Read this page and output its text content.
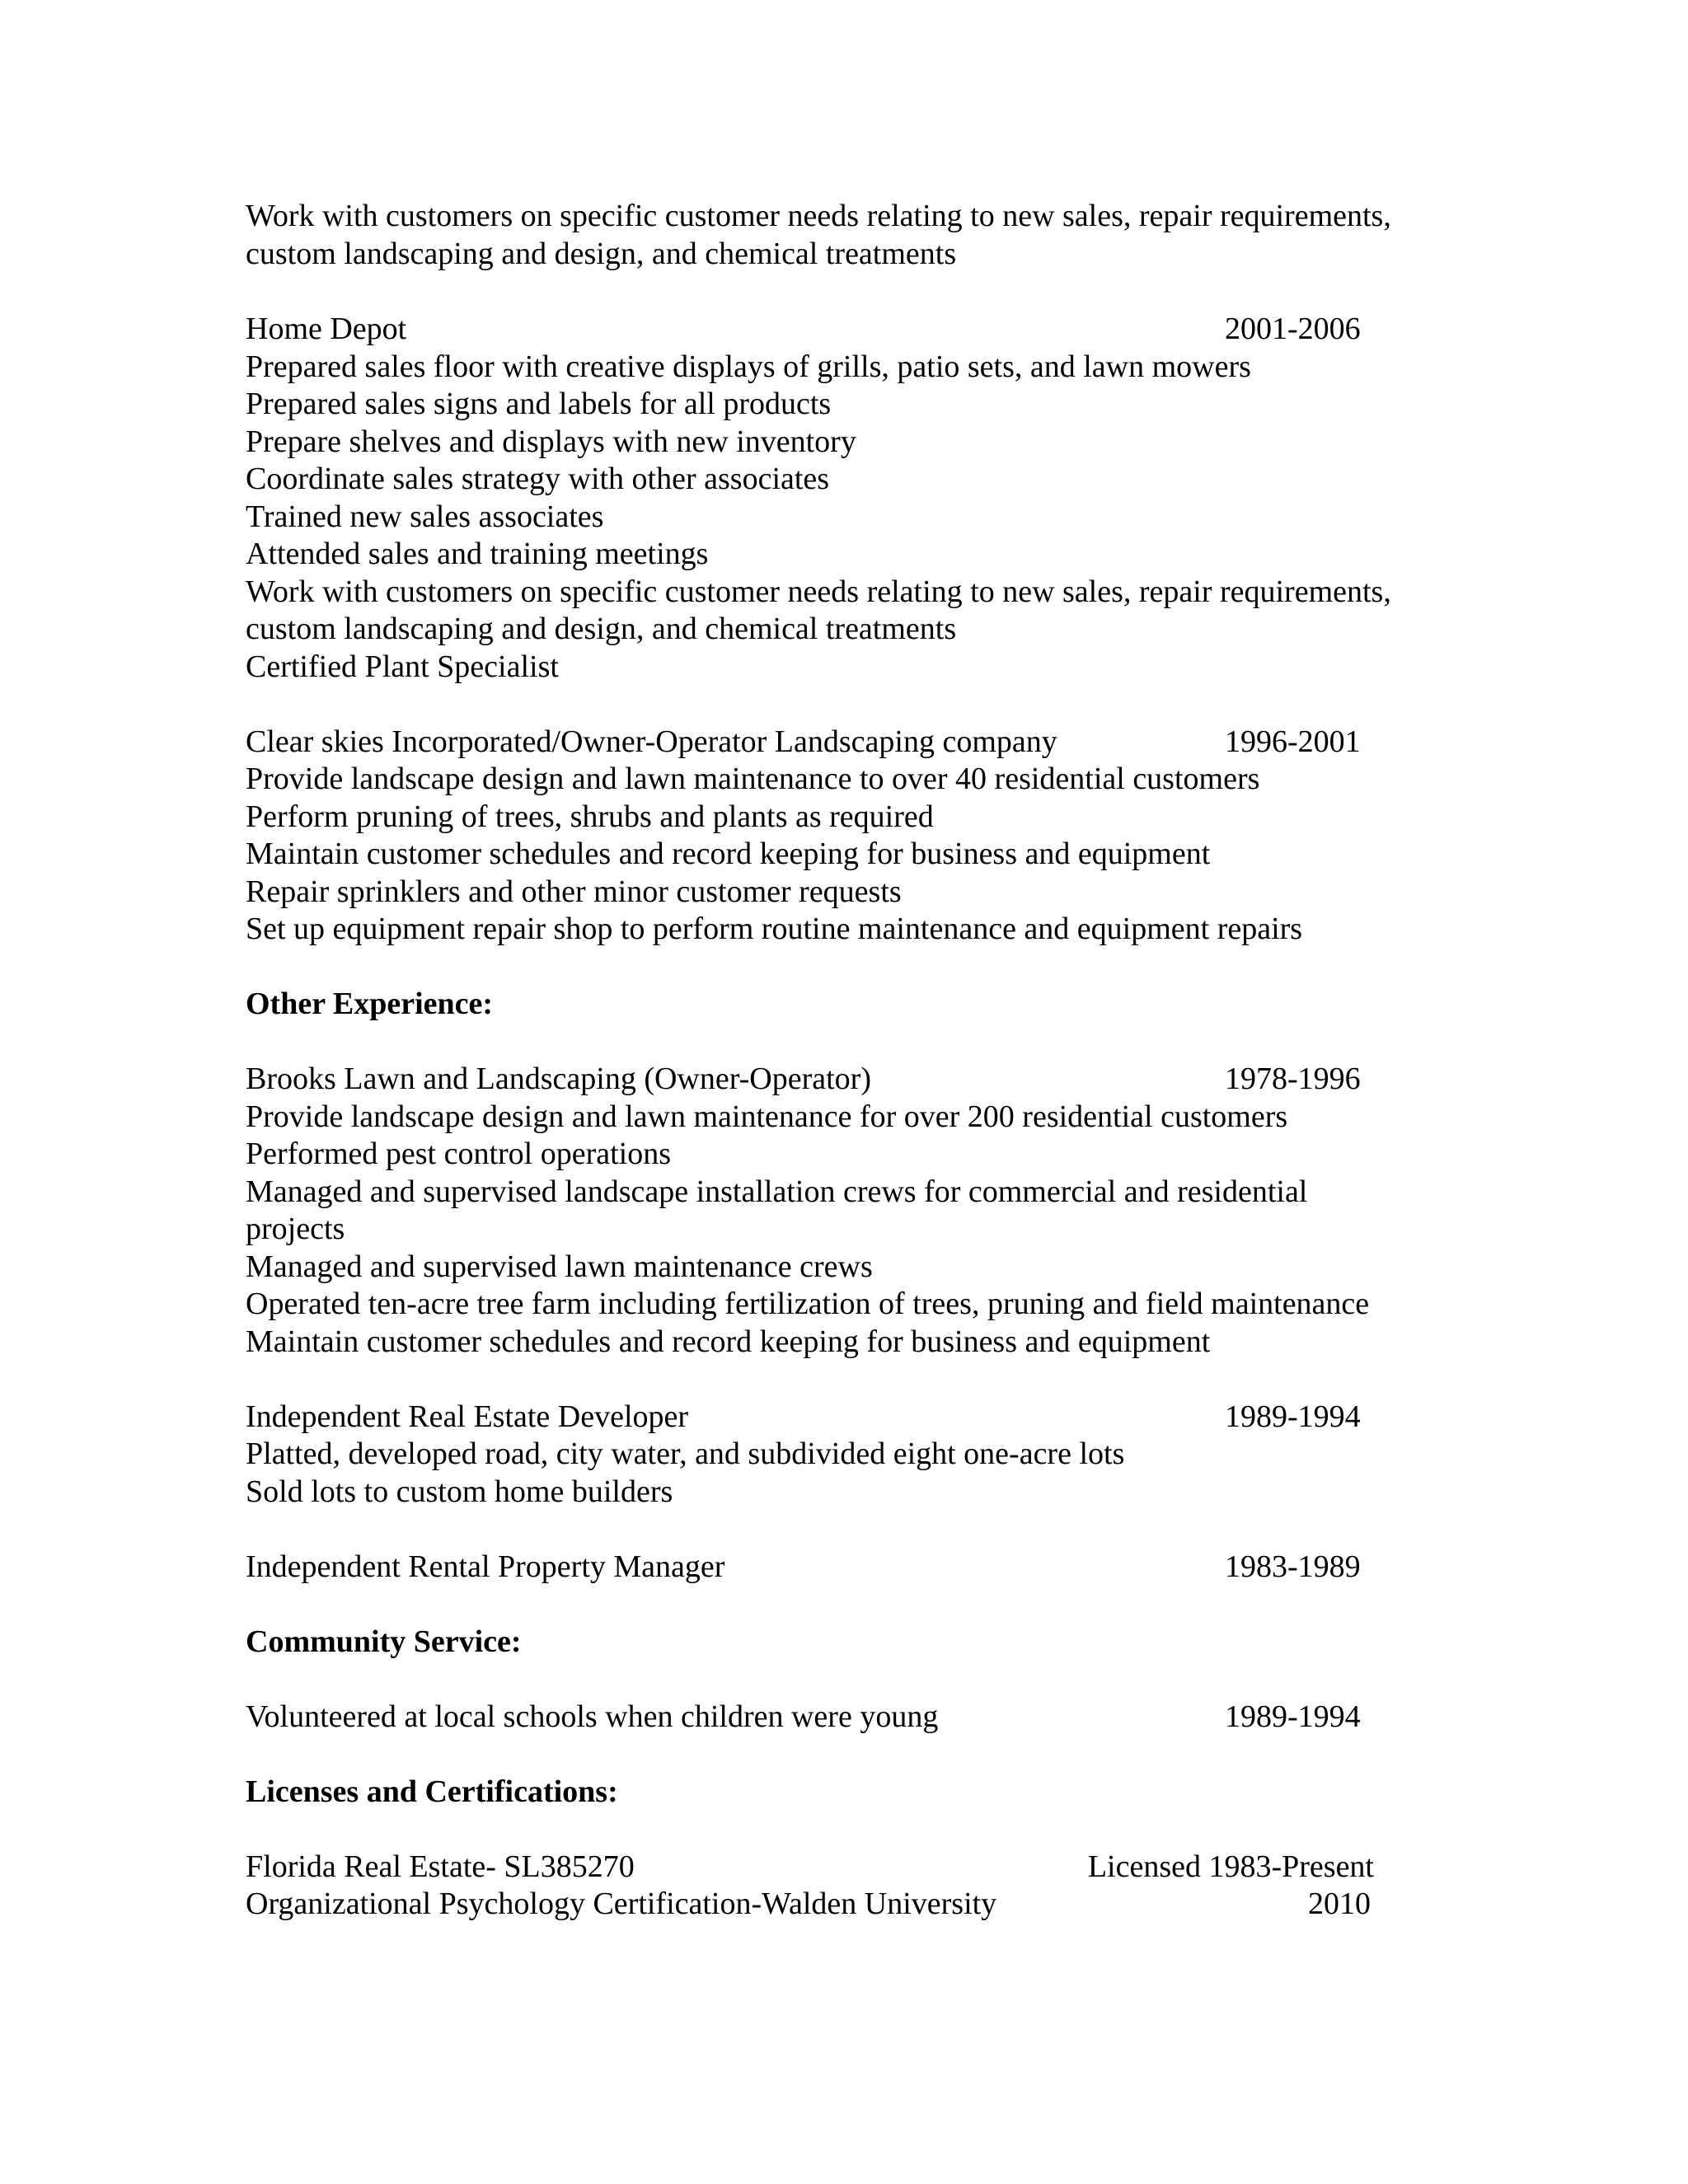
Work with customers on specific customer needs relating to new sales, repair requirements,
custom landscaping and design, and chemical treatments
Home Depot	2001-2006
Prepared sales floor with creative displays of grills, patio sets, and lawn mowers
Prepared sales signs and labels for all products
Prepare shelves and displays with new inventory
Coordinate sales strategy with other associates
Trained new sales associates
Attended sales and training meetings
Work with customers on specific customer needs relating to new sales, repair requirements,
custom landscaping and design, and chemical treatments
Certified Plant Specialist
Clear skies Incorporated/Owner-Operator Landscaping company	1996-2001
Provide landscape design and lawn maintenance to over 40 residential customers
Perform pruning of trees, shrubs and plants as required
Maintain customer schedules and record keeping for business and equipment
Repair sprinklers and other minor customer requests
Set up equipment repair shop to perform routine maintenance and equipment repairs
Other Experience:
Brooks Lawn and Landscaping (Owner-Operator)	1978-1996
Provide landscape design and lawn maintenance for over 200 residential customers
Performed pest control operations
Managed and supervised landscape installation crews for commercial and residential
projects
Managed and supervised lawn maintenance crews
Operated ten-acre tree farm including fertilization of trees, pruning and field maintenance
Maintain customer schedules and record keeping for business and equipment
Independent Real Estate Developer	1989-1994
Platted, developed road, city water, and subdivided eight one-acre lots
Sold lots to custom home builders
Independent Rental Property Manager	1983-1989
Community Service:
Volunteered at local schools when children were young	1989-1994
Licenses and Certifications:
Florida Real Estate- SL385270	Licensed 1983-Present
Organizational Psychology Certification-Walden University	2010
